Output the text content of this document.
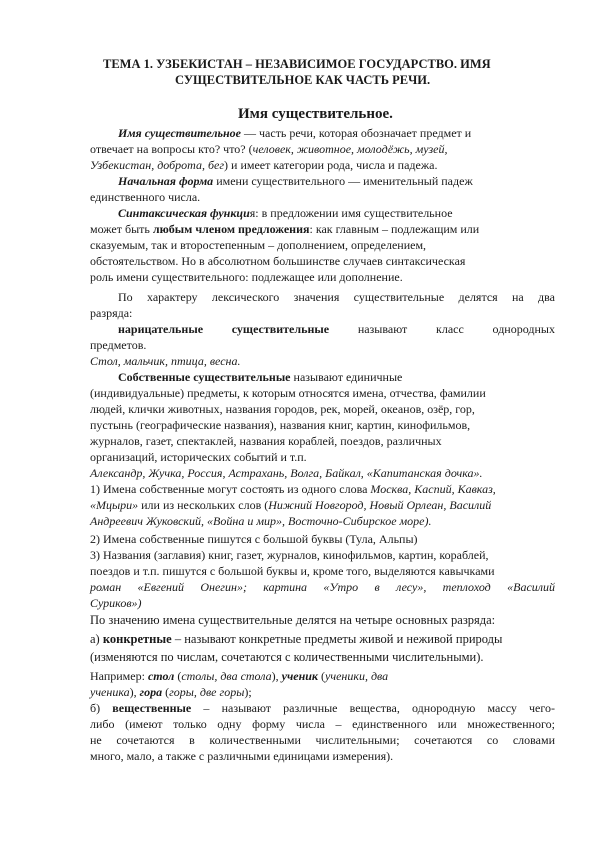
ТЕМА 1. УЗБЕКИСТАН – НЕЗАВИСИМОЕ ГОСУДАРСТВО. ИМЯ
СУЩЕСТВИТЕЛЬНОЕ КАК ЧАСТЬ РЕЧИ.
Имя существительное.
Имя существительное — часть речи, которая обозначает предмет и
отвечает на вопросы кто? что? (человек, животное, молодёжь, музей,
Узбекистан, доброта, бег) и имеет категории рода, числа и падежа.
Начальная форма имени существительного — именительный падеж
единственного числа.
Синтаксическая функция: в предложении имя существительное
может быть любым членом предложения: как главным – подлежащим или
сказуемым, так и второстепенным – дополнением, определением,
обстоятельством. Но в абсолютном большинстве случаев синтаксическая
роль имени существительного: подлежащее или дополнение.
По характеру лексического значения существительные делятся на два
разряда:
нарицательные существительные называют класс однородных
предметов.
Стол, мальчик, птица, весна.
Собственные существительные называют единичные
(индивидуальные) предметы, к которым относятся имена, отчества, фамилии
людей, клички животных, названия городов, рек, морей, океанов, озёр, гор,
пустынь (географические названия), названия книг, картин, кинофильмов,
журналов, газет, спектаклей, названия кораблей, поездов, различных
организаций, исторических событий и т.п.
Александр, Жучка, Россия, Астрахань, Волга, Байкал, «Капитанская дочка».
1) Имена собственные могут состоять из одного слова Москва, Каспий, Кавказ,
«Мцыри» или из нескольких слов (Нижний Новгород, Новый Орлеан, Василий
Андреевич Жуковский, «Война и мир», Восточно-Сибирское море).
2) Имена собственные пишутся с большой буквы (Тула, Альпы)
3) Названия (заглавия) книг, газет, журналов, кинофильмов, картин, кораблей,
поездов и т.п. пишутся с большой буквы и, кроме того, выделяются кавычками
роман «Евгений Онегин»; картина «Утро в лесу», теплоход «Василий
Суриков»)
По значению имена существительные делятся на четыре основных разряда:
а) конкретные – называют конкретные предметы живой и неживой природы
(изменяются по числам, сочетаются с количественными числительными).
Например: стол (столы, два стола), ученик (ученики, два
ученика), гора (горы, две горы);
б) вещественные – называют различные вещества, однородную массу чего-
либо (имеют только одну форму числа – единственного или множественного;
не сочетаются в количественными числительными; сочетаются со словами
много, мало, а также с различными единицами измерения).
